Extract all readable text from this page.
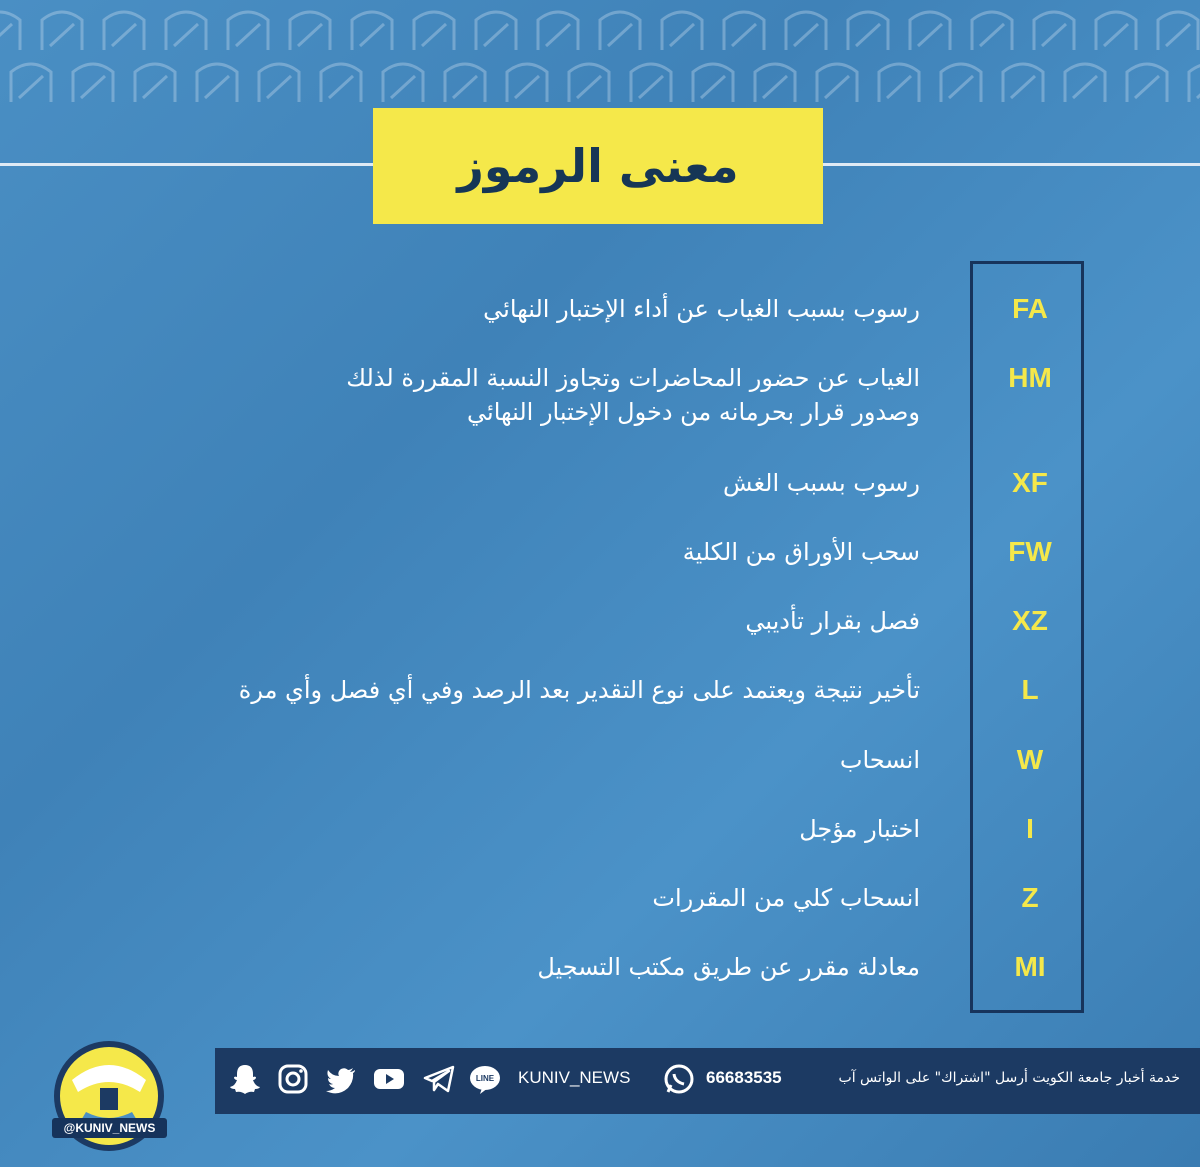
معنى الرموز
FA
رسوب بسبب الغياب عن أداء الإختبار النهائي
HM
الغياب عن حضور المحاضرات وتجاوز النسبة المقررة لذلك
وصدور قرار بحرمانه من دخول الإختبار النهائي
XF
رسوب بسبب الغش
FW
سحب الأوراق من الكلية
XZ
فصل بقرار تأديبي
L
تأخير نتيجة ويعتمد على نوع التقدير بعد الرصد وفي أي فصل وأي مرة
W
انسحاب
I
اختبار مؤجل
Z
انسحاب كلي من المقررات
MI
معادلة مقرر عن طريق مكتب التسجيل
خدمة أخبار جامعة الكويت أرسل "اشتراك" على الواتس آب
66683535
KUNIV_NEWS
LINE
@KUNIV_NEWS
